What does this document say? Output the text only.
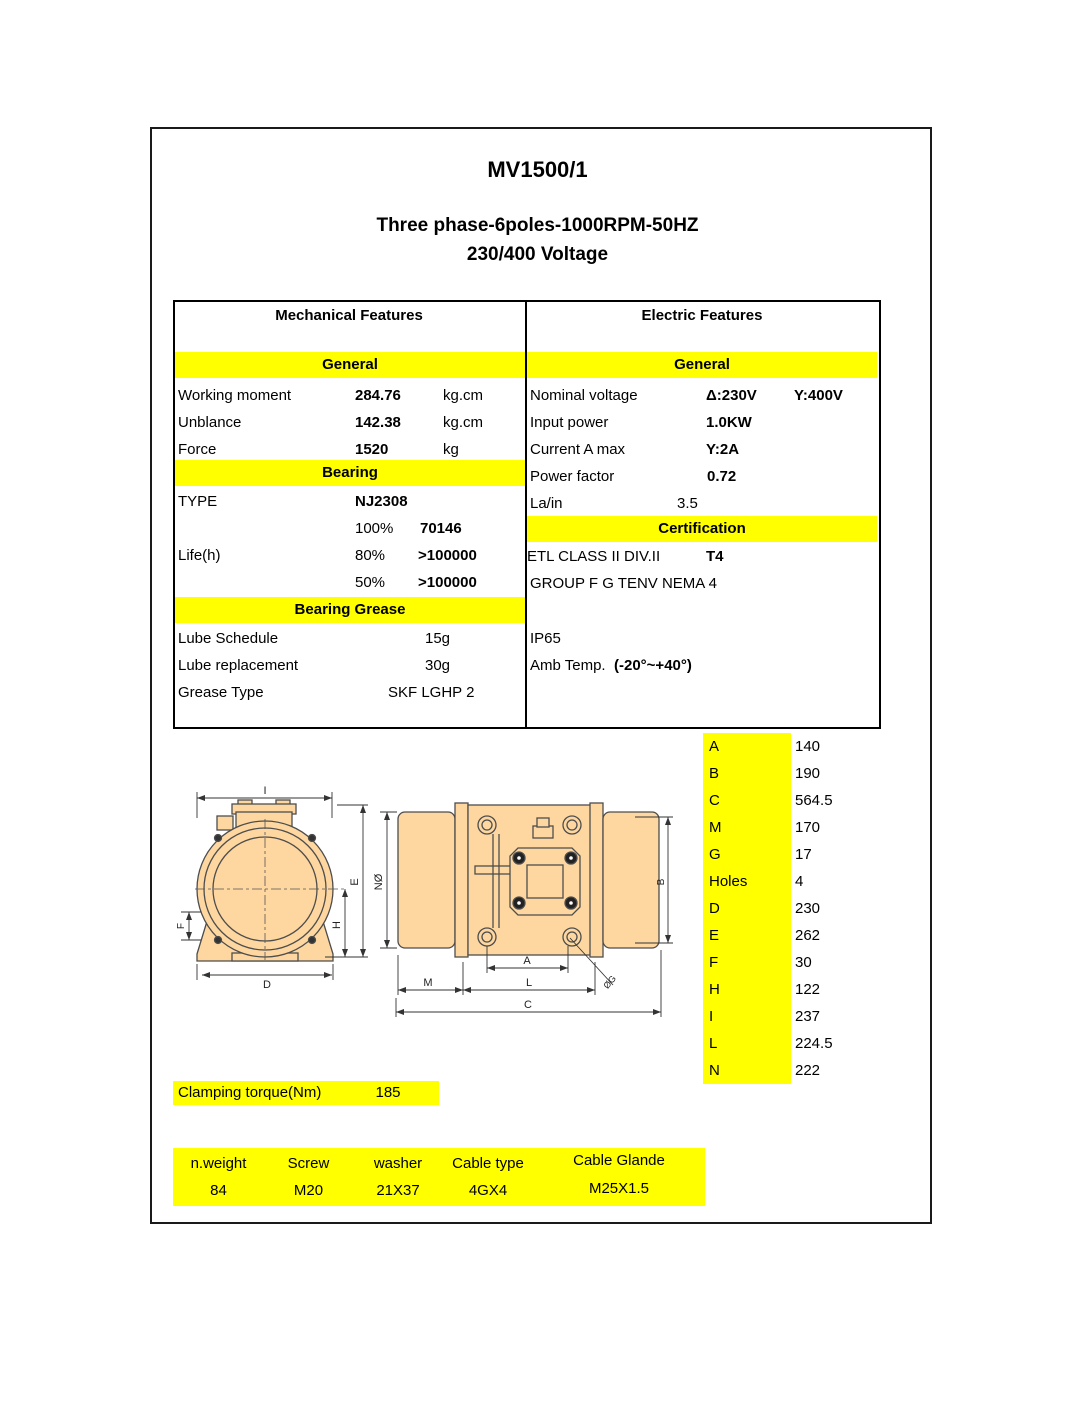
MV1500/1
Three phase-6poles-1000RPM-50HZ
230/400 Voltage
Mechanical Features	Electric Features
General
Working moment	284.76	kg.cm
Unblance	142.38	kg.cm
Force	1520	kg
Bearing
TYPE	NJ2308
100% 70146
Life(h)	80% >100000
50% >100000
Bearing Grease
Lube Schedule	15g
Lube replacement	30g
Grease Type	SKF LGHP 2
General
Nominal voltage	Δ:230V Y:400V
Input power	1.0KW
Current A max	Y:2A
Power factor	0.72
La/in	3.5
Certification
ETL CLASS II DIV.II	T4
GROUP F G TENV NEMA 4
IP65
Amb Temp. (-20°~+40°)
I
E
H
F
D
NØ	B
A
L
M
C
ØG
A	140
B	190
C	564.5
M	170
G	17
Holes	4
D	230
E	262
F	30
H	122
I	237
L	224.5
N	222
Clamping torque(Nm)	185
n.weight	Screw	washer	Cable type	Cable Glande
84	M20	21X37	4GX4	M25X1.5
